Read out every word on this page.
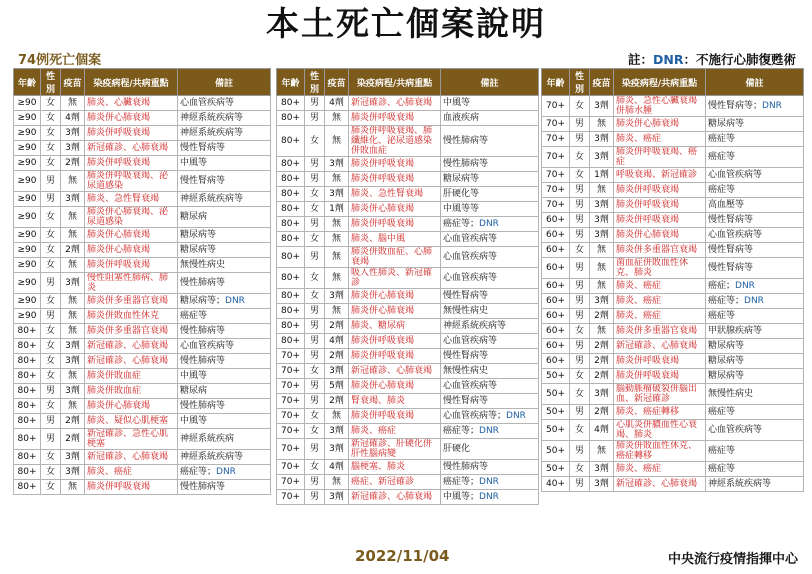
本土死亡個案說明
74例死亡個案	註：DNR：不施行心肺復甦術
年齡	性別	疫苗	染疫病程/共病重點	備註
≥90	女	無	肺炎、心臟衰竭	心血管疾病等
≥90	女	4劑	肺炎併心肺衰竭	神經系統疾病等
≥90	女	3劑	肺炎併呼吸衰竭	神經系統疾病等
≥90	女	3劑	新冠確診、心肺衰竭	慢性腎病等
≥90	女	2劑	肺炎併呼吸衰竭	中風等
≥90	男	無	肺炎併呼吸衰竭、泌尿道感染	慢性腎病等
≥90	男	3劑	肺炎、急性腎衰竭	神經系統疾病等
≥90	女	無	肺炎併心肺衰竭、泌尿道感染	糖尿病
≥90	女	無	肺炎併心肺衰竭	糖尿病等
≥90	女	2劑	肺炎併心肺衰竭	糖尿病等
≥90	女	無	肺炎併呼吸衰竭	無慢性病史
≥90	男	3劑	慢性阻塞性肺病、肺炎	慢性肺病等
≥90	女	無	肺炎併多重器官衰竭	糖尿病等；DNR
≥90	男	無	肺炎併敗血性休克	癌症等
80+	女	無	肺炎併多重器官衰竭	慢性肺病等
80+	女	3劑	新冠確診、心肺衰竭	心血管疾病等
80+	女	3劑	新冠確診、心肺衰竭	慢性肺病等
80+	女	無	肺炎併敗血症	中風等
80+	男	3劑	肺炎併敗血症	糖尿病
80+	女	無	肺炎併心肺衰竭	慢性肺病等
80+	男	2劑	肺炎、疑似心肌梗塞	中風等
80+	男	2劑	新冠確診、急性心肌梗塞	神經系統疾病
80+	女	3劑	新冠確診、心肺衰竭	神經系統疾病等
80+	女	3劑	肺炎、癌症	癌症等；DNR
80+	女	無	肺炎併呼吸衰竭	慢性肺病等
年齡	性別	疫苗	染疫病程/共病重點	備註
80+	男	4劑	新冠確診、心肺衰竭	中風等
80+	男	無	肺炎併呼吸衰竭	血液疾病
80+	女	無	肺炎併呼吸衰竭、肺纖維化、泌尿道感染併敗血症	慢性肺病等
80+	男	3劑	肺炎併呼吸衰竭	慢性肺病等
80+	男	無	肺炎併呼吸衰竭	糖尿病等
80+	女	3劑	肺炎、急性腎衰竭	肝硬化等
80+	女	1劑	肺炎併心肺衰竭	中風等等
80+	男	無	肺炎併呼吸衰竭	癌症等；DNR
80+	女	無	肺炎、腦中風	心血管疾病等
80+	男	無	肺炎併敗血症、心肺衰竭	心血管疾病等
80+	女	無	吸入性肺炎、新冠確診	心血管疾病等
80+	女	3劑	肺炎併心肺衰竭	慢性腎病等
80+	男	無	肺炎併心肺衰竭	無慢性病史
80+	男	2劑	肺炎、糖尿病	神經系統疾病等
80+	男	4劑	肺炎併呼吸衰竭	心血管疾病等
70+	男	2劑	肺炎併呼吸衰竭	慢性腎病等
70+	女	3劑	新冠確診、心肺衰竭	無慢性病史
70+	男	5劑	肺炎併心肺衰竭	心血管疾病等
70+	男	2劑	腎衰竭、肺炎	慢性腎病等
70+	女	無	肺炎併呼吸衰竭	心血管疾病等；DNR
70+	女	3劑	肺炎、癌症	癌症等；DNR
70+	男	3劑	新冠確診、肝硬化併肝性腦病變	肝硬化
70+	女	4劑	腦梗塞、肺炎	慢性肺病等
70+	男	無	癌症、新冠確診	癌症等；DNR
70+	男	3劑	新冠確診、心肺衰竭	中風等；DNR
年齡	性別	疫苗	染疫病程/共病重點	備註
70+	女	3劑	肺炎、急性心臟衰竭併肺水腫	慢性腎病等；DNR
70+	男	無	肺炎併心肺衰竭	糖尿病等
70+	男	3劑	肺炎、癌症	癌症等
70+	女	3劑	肺炎併呼吸衰竭、癌症	癌症等
70+	女	1劑	呼吸衰竭、新冠確診	心血管疾病等
70+	男	無	肺炎併呼吸衰竭	癌症等
70+	男	3劑	肺炎併呼吸衰竭	高血壓等
60+	男	3劑	肺炎併呼吸衰竭	慢性腎病等
60+	男	3劑	肺炎併心肺衰竭	心血管疾病等
60+	女	無	肺炎併多重器官衰竭	慢性腎病等
60+	男	無	菌血症併敗血性休克、肺炎	慢性腎病等
60+	男	無	肺炎、癌症	癌症；DNR
60+	男	3劑	肺炎、癌症	癌症等；DNR
60+	男	2劑	肺炎、癌症	癌症等
60+	女	無	肺炎併多重器官衰竭	甲狀腺疾病等
60+	男	2劑	新冠確診、心肺衰竭	糖尿病等
60+	男	2劑	肺炎併呼吸衰竭	糖尿病等
50+	女	2劑	肺炎併呼吸衰竭	糖尿病等
50+	女	3劑	腦動脈瘤破裂併腦出血、新冠確診	無慢性病史
50+	男	2劑	肺炎、癌症轉移	癌症等
50+	女	4劑	心肌炎併膿血性心衰竭、肺炎	心血管疾病等
50+	男	無	肺炎併敗血性休克、癌症轉移	癌症等
50+	女	3劑	肺炎、癌症	癌症等
40+	男	3劑	新冠確診、心肺衰竭	神經系統疾病等
2022/11/04	中央流行疫情指揮中心
